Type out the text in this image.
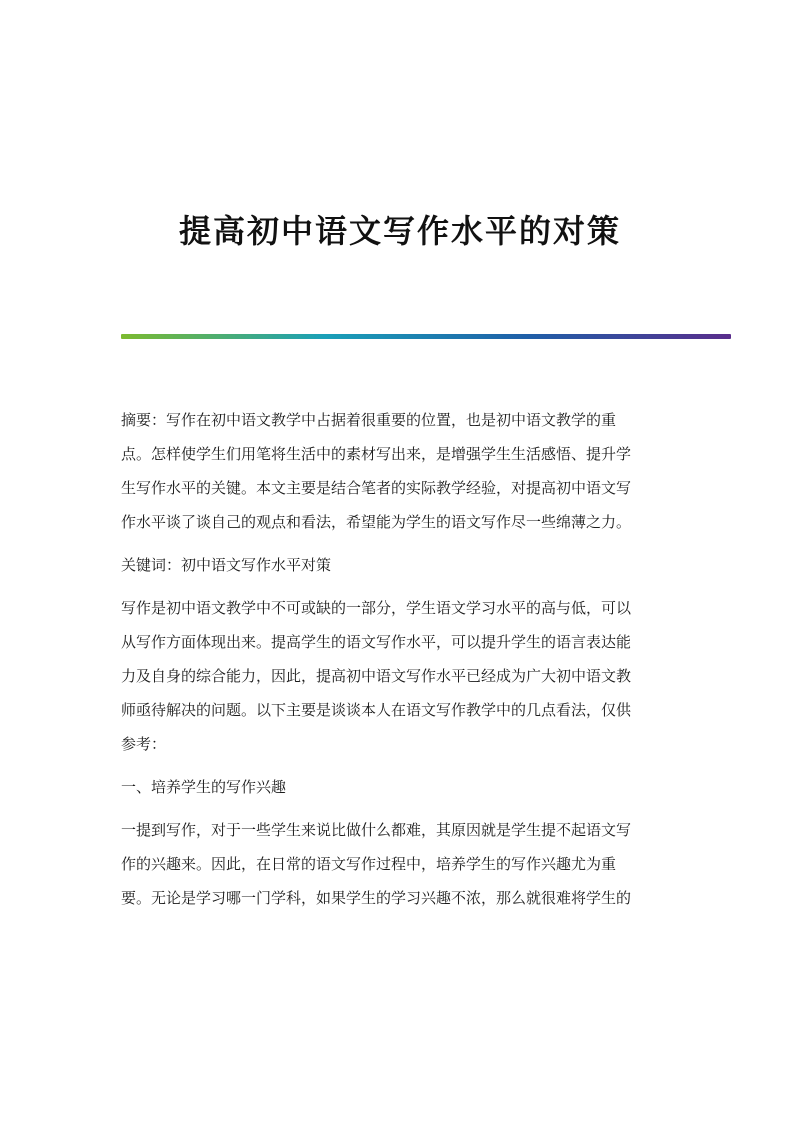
提高初中语文写作水平的对策

摘要：写作在初中语文教学中占据着很重要的位置，也是初中语文教学的重
点。怎样使学生们用笔将生活中的素材写出来，是增强学生生活感悟、提升学
生写作水平的关键。本文主要是结合笔者的实际教学经验，对提高初中语文写
作水平谈了谈自己的观点和看法，希望能为学生的语文写作尽一些绵薄之力。

关键词：初中语文写作水平对策

写作是初中语文教学中不可或缺的一部分，学生语文学习水平的高与低，可以
从写作方面体现出来。提高学生的语文写作水平，可以提升学生的语言表达能
力及自身的综合能力，因此，提高初中语文写作水平已经成为广大初中语文教
师亟待解决的问题。以下主要是谈谈本人在语文写作教学中的几点看法，仅供
参考：

一、培养学生的写作兴趣

一提到写作，对于一些学生来说比做什么都难，其原因就是学生提不起语文写
作的兴趣来。因此，在日常的语文写作过程中，培养学生的写作兴趣尤为重
要。无论是学习哪一门学科，如果学生的学习兴趣不浓，那么就很难将学生的
